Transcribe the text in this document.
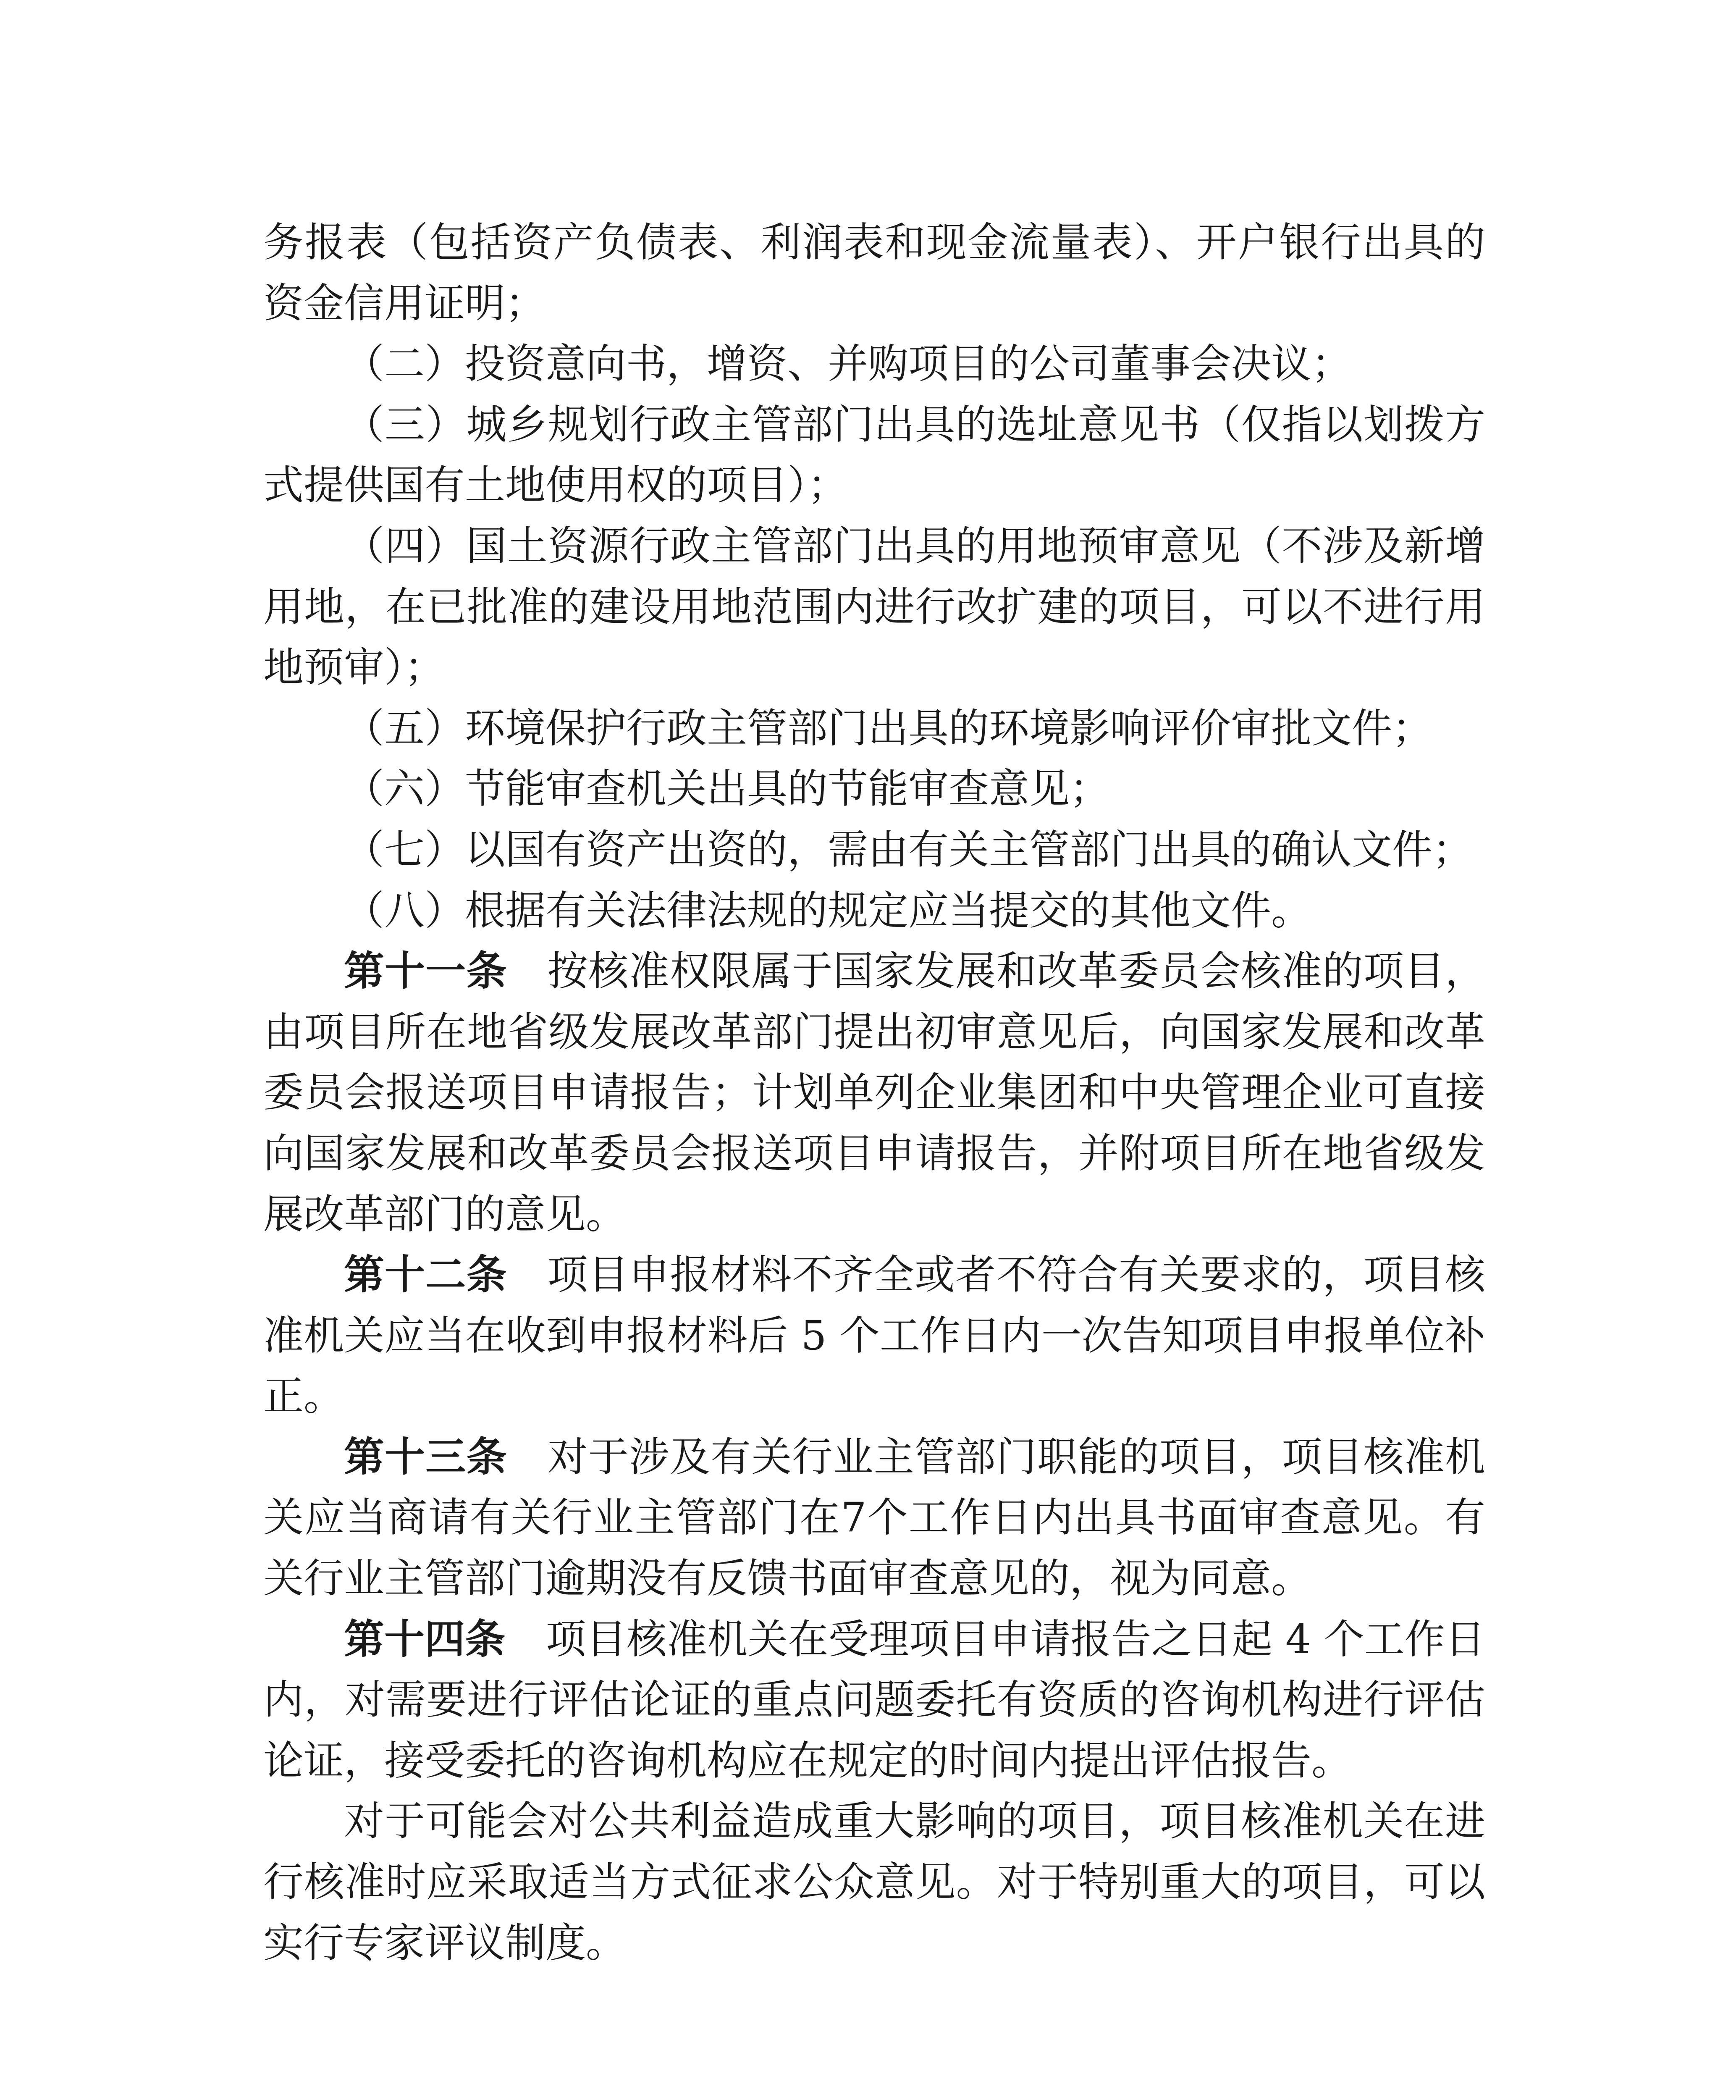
务报表（包括资产负债表、利润表和现金流量表）、开户银行出具的资金信用证明；

（二）投资意向书，增资、并购项目的公司董事会决议；

（三）城乡规划行政主管部门出具的选址意见书（仅指以划拨方式提供国有土地使用权的项目）；

（四）国土资源行政主管部门出具的用地预审意见（不涉及新增用地，在已批准的建设用地范围内进行改扩建的项目，可以不进行用地预审）；

（五）环境保护行政主管部门出具的环境影响评价审批文件；

（六）节能审查机关出具的节能审查意见；

（七）以国有资产出资的，需由有关主管部门出具的确认文件；

（八）根据有关法律法规的规定应当提交的其他文件。

第十一条 按核准权限属于国家发展和改革委员会核准的项目，由项目所在地省级发展改革部门提出初审意见后，向国家发展和改革委员会报送项目申请报告；计划单列企业集团和中央管理企业可直接向国家发展和改革委员会报送项目申请报告，并附项目所在地省级发展改革部门的意见。

第十二条 项目申报材料不齐全或者不符合有关要求的，项目核准机关应当在收到申报材料后 5 个工作日内一次告知项目申报单位补正。

第十三条 对于涉及有关行业主管部门职能的项目，项目核准机关应当商请有关行业主管部门在7个工作日内出具书面审查意见。有关行业主管部门逾期没有反馈书面审查意见的，视为同意。

第十四条 项目核准机关在受理项目申请报告之日起 4 个工作日内，对需要进行评估论证的重点问题委托有资质的咨询机构进行评估论证，接受委托的咨询机构应在规定的时间内提出评估报告。

对于可能会对公共利益造成重大影响的项目，项目核准机关在进行核准时应采取适当方式征求公众意见。对于特别重大的项目，可以实行专家评议制度。
